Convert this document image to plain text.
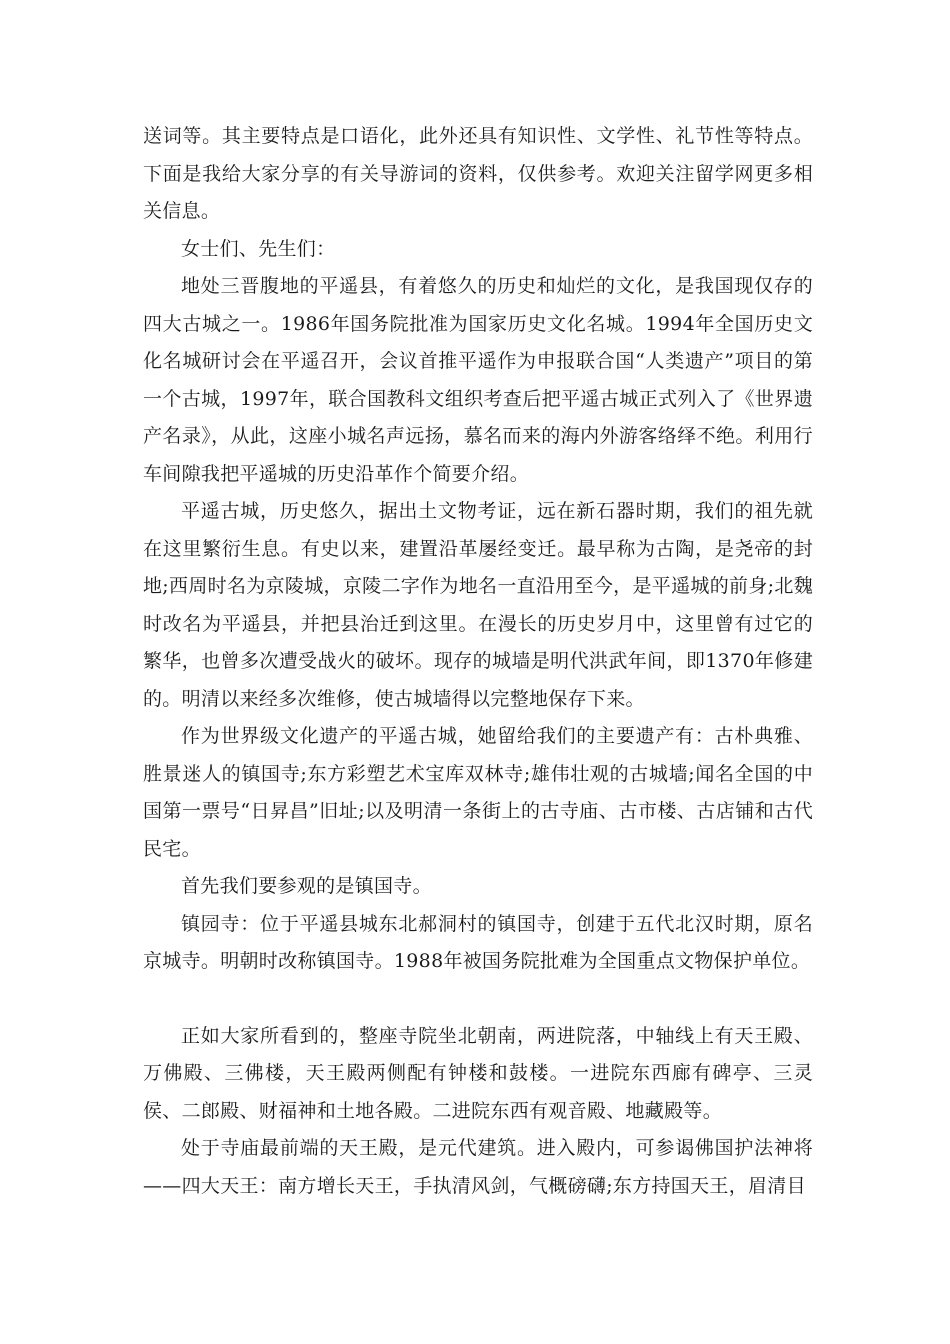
送词等。其主要特点是口语化，此外还具有知识性、文学性、礼节性等特点。下面是我给大家分享的有关导游词的资料，仅供参考。欢迎关注留学网更多相关信息。

女士们、先生们：

地处三晋腹地的平遥县，有着悠久的历史和灿烂的文化，是我国现仅存的四大古城之一。1986年国务院批准为国家历史文化名城。1994年全国历史文化名城研讨会在平遥召开，会议首推平遥作为申报联合国“人类遗产”项目的第一个古城，1997年，联合国教科文组织考查后把平遥古城正式列入了《世界遗产名录》，从此，这座小城名声远扬，慕名而来的海内外游客络绎不绝。利用行车间隙我把平遥城的历史沿革作个简要介绍。

平遥古城，历史悠久，据出土文物考证，远在新石器时期，我们的祖先就在这里繁衍生息。有史以来，建置沿革屡经变迁。最早称为古陶，是尧帝的封地;西周时名为京陵城，京陵二字作为地名一直沿用至今，是平遥城的前身;北魏时改名为平遥县，并把县治迁到这里。在漫长的历史岁月中，这里曾有过它的繁华，也曾多次遭受战火的破坏。现存的城墙是明代洪武年间，即1370年修建的。明清以来经多次维修，使古城墙得以完整地保存下来。

作为世界级文化遗产的平遥古城，她留给我们的主要遗产有：古朴典雅、胜景迷人的镇国寺;东方彩塑艺术宝库双林寺;雄伟壮观的古城墙;闻名全国的中国第一票号“日昇昌”旧址;以及明清一条街上的古寺庙、古市楼、古店铺和古代民宅。

首先我们要参观的是镇国寺。

镇园寺：位于平遥县城东北郝洞村的镇国寺，创建于五代北汉时期，原名京城寺。明朝时改称镇国寺。1988年被国务院批难为全国重点文物保护单位。

正如大家所看到的，整座寺院坐北朝南，两进院落，中轴线上有天王殿、万佛殿、三佛楼，天王殿两侧配有钟楼和鼓楼。一进院东西廊有碑亭、三灵侯、二郎殿、财福神和土地各殿。二进院东西有观音殿、地藏殿等。

处于寺庙最前端的天王殿，是元代建筑。进入殿内，可参谒佛国护法神将——四大天王：南方增长天王，手执清风剑，气概磅礴;东方持国天王，眉清目
